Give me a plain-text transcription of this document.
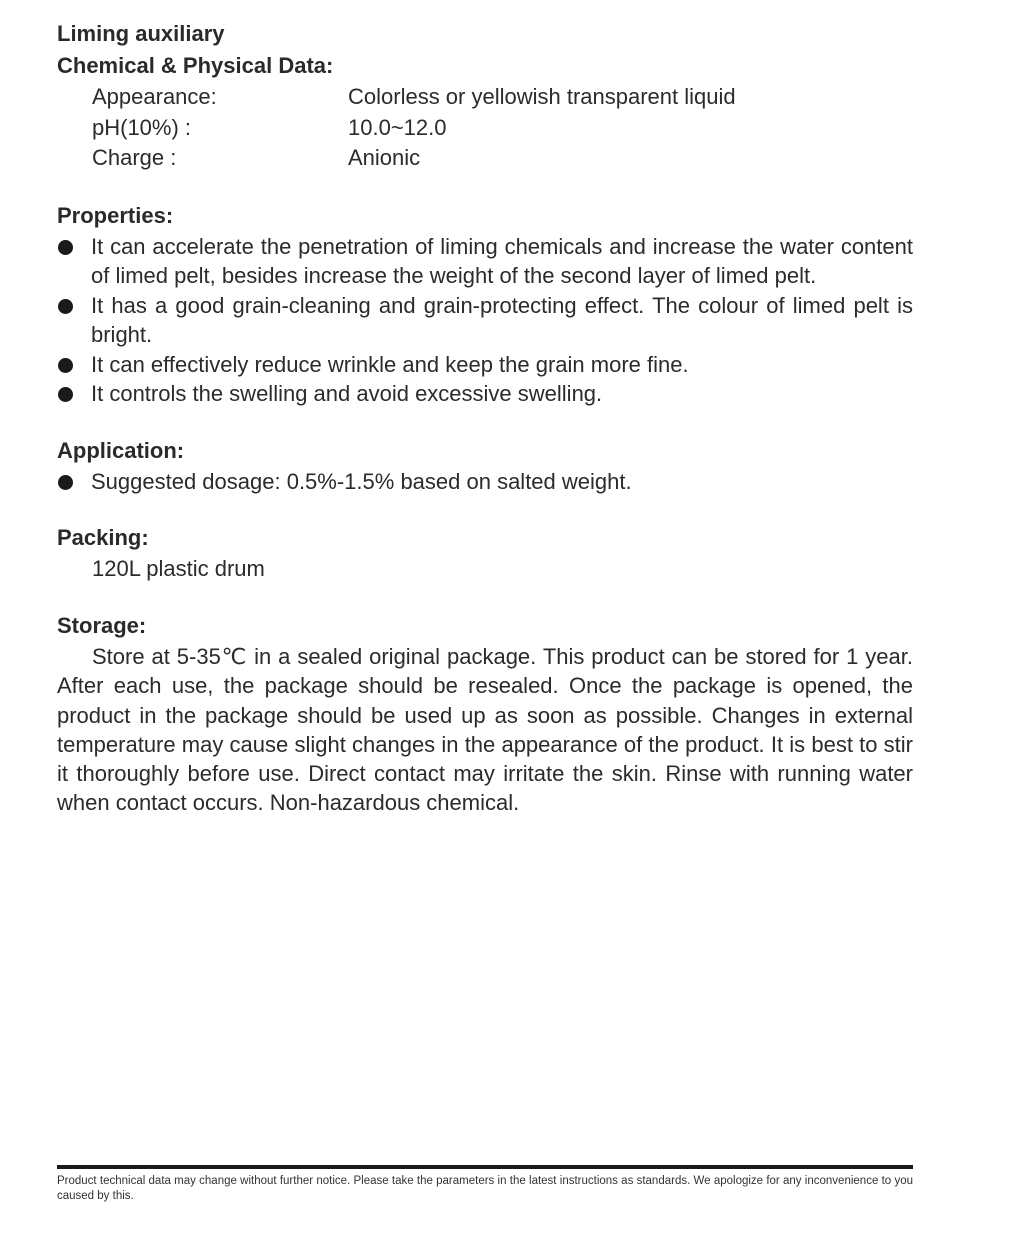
Liming auxiliary
Chemical & Physical Data:
Appearance:	Colorless or yellowish transparent liquid
pH(10%) :	10.0~12.0
Charge :	Anionic
Properties:
It can accelerate the penetration of liming chemicals and increase the water content of limed pelt, besides increase the weight of the second layer of limed pelt.
It has a good grain-cleaning and grain-protecting effect. The colour of limed pelt is bright.
It can effectively reduce wrinkle and keep the grain more fine.
It controls the swelling and avoid excessive swelling.
Application:
Suggested dosage: 0.5%-1.5% based on salted weight.
Packing:
120L plastic drum
Storage:

Store at 5-35℃ in a sealed original package. This product can be stored for 1 year. After each use, the package should be resealed. Once the package is opened, the product in the package should be used up as soon as possible. Changes in external temperature may cause slight changes in the appearance of the product. It is best to stir it thoroughly before use. Direct contact may irritate the skin. Rinse with running water when contact occurs. Non-hazardous chemical.

Product technical data may change without further notice. Please take the parameters in the latest instructions as standards. We apologize for any inconvenience to you caused by this.
